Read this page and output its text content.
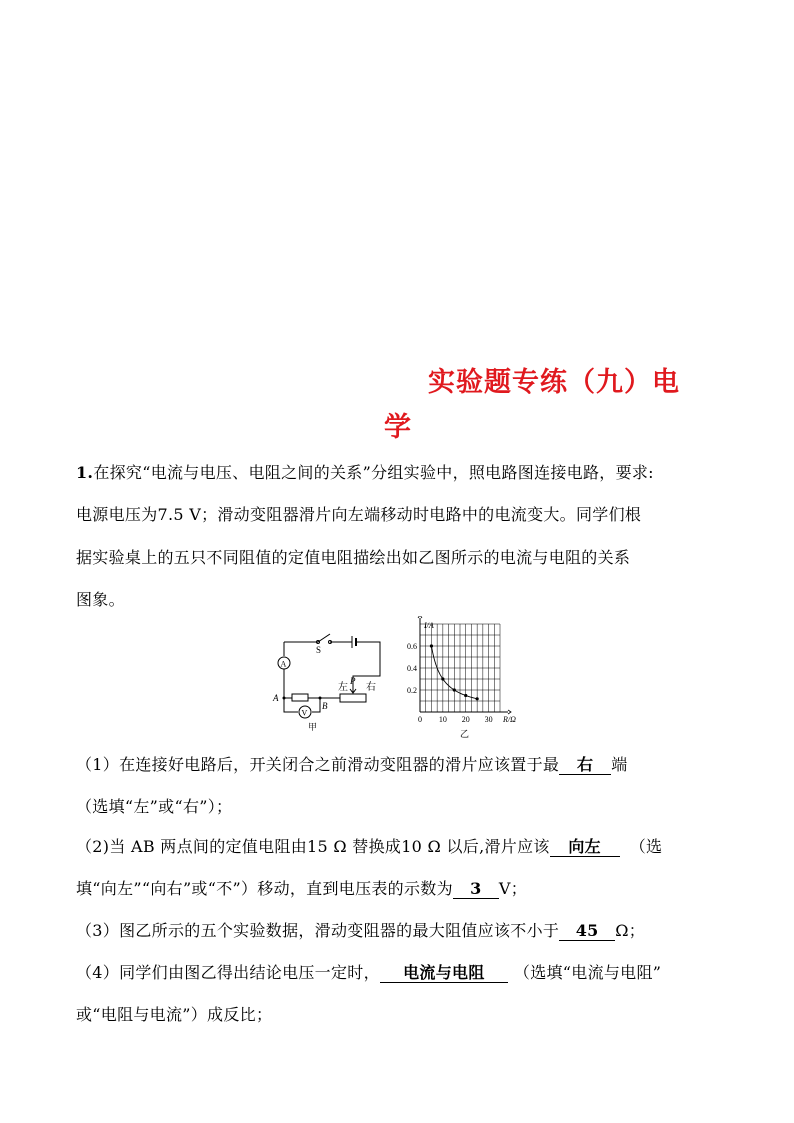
实验题专练（九）电
学
1.在探究“电流与电压、电阻之间的关系”分组实验中，照电路图连接电路，要求:
电源电压为7.5 V；滑动变阻器滑片向左端移动时电路中的电流变大。同学们根
据实验桌上的五只不同阻值的定值电阻描绘出如乙图所示的电流与电阻的关系
图象。
S
A
V
A
B
P
左 右
甲
I/A
R/Ω
乙
0 10 20 30
0.2
0.4
0.6
（1）在连接好电路后，开关闭合之前滑动变阻器的滑片应该置于最 右 端
（选填“左”或“右”）；
（2)当 AB 两点间的定值电阻由15 Ω 替换成10 Ω 以后,滑片应该 向左 （选
填“向左”“向右”或“不”）移动，直到电压表的示数为 3 V；
（3）图乙所示的五个实验数据，滑动变阻器的最大阻值应该不小于 45 Ω；
（4）同学们由图乙得出结论电压一定时， 电流与电阻 （选填“电流与电阻”
或“电阻与电流”）成反比；
